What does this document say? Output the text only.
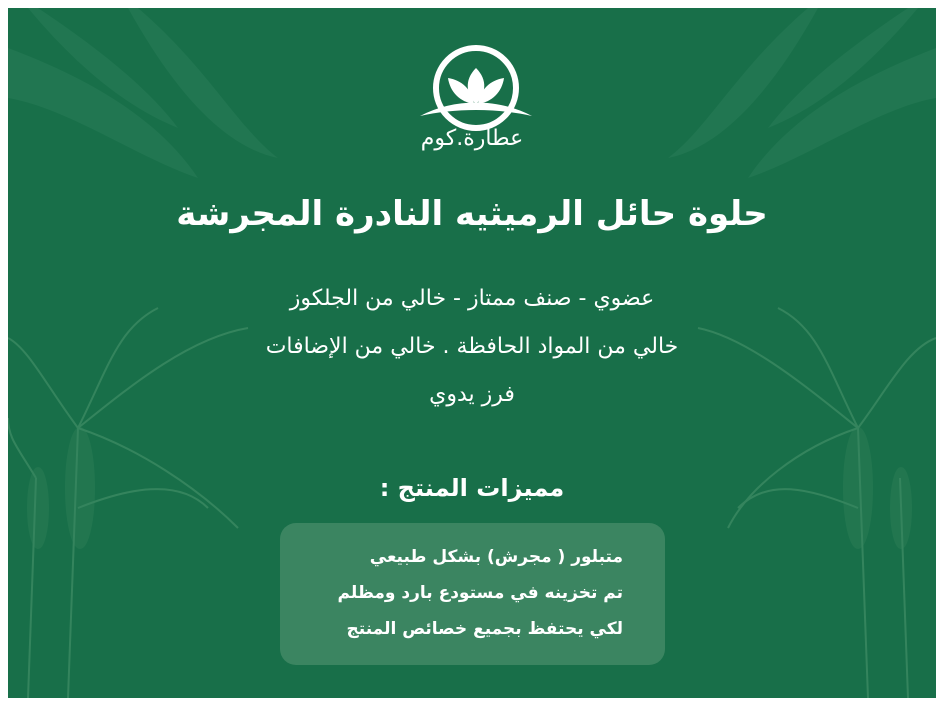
عطارة.كوم
حلوة حائل الرميثيه النادرة المجرشة
عضوي - صنف ممتاز - خالي من الجلكوز
خالي من المواد الحافظة . خالي من الإضافات
فرز يدوي
مميزات المنتج :
متبلور ( مجرش) بشكل طبيعي
تم تخزينه في مستودع بارد ومظلم
لكي يحتفظ بجميع خصائص المنتج
